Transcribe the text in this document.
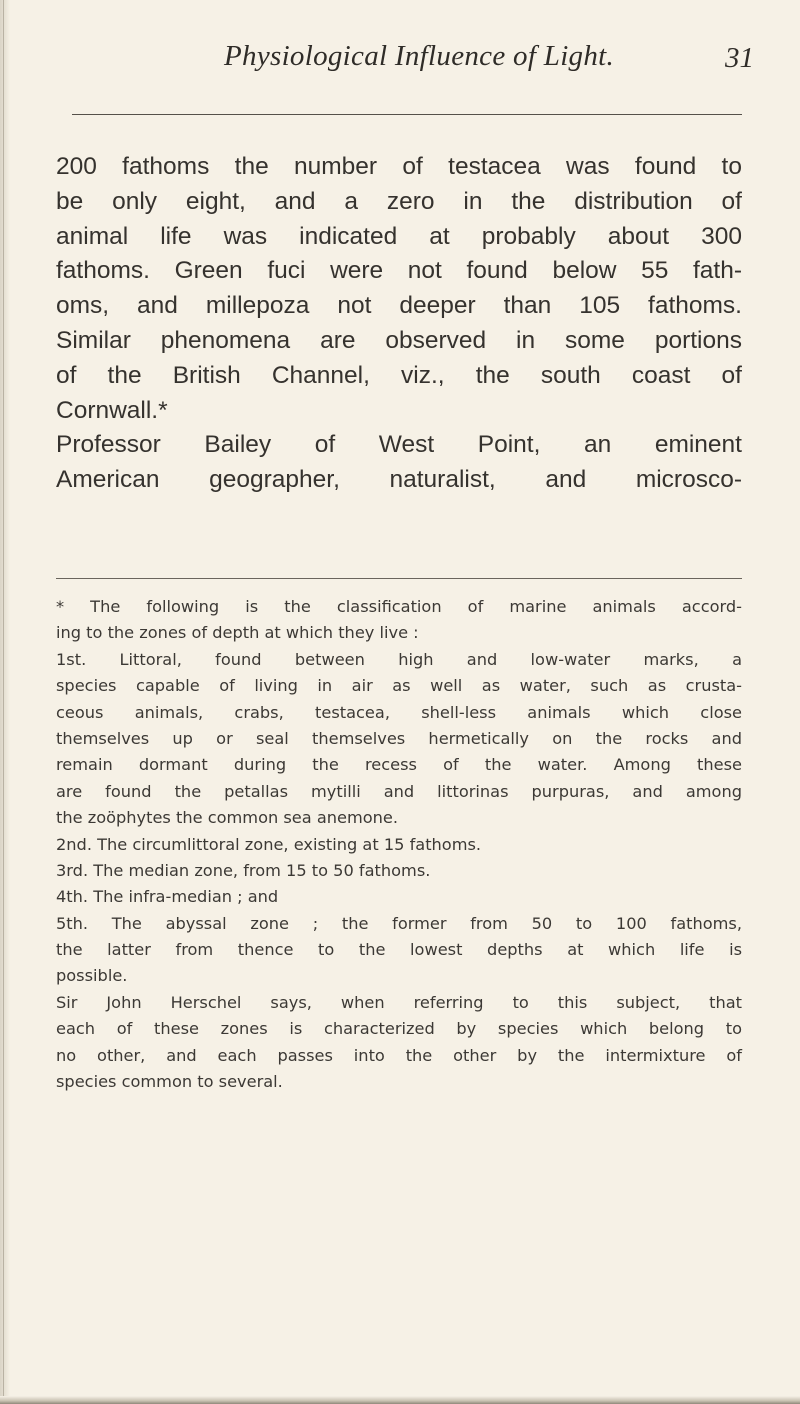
Physiological Influence of Light.	31
200 fathoms the number of testacea was found to
be only eight, and a zero in the distribution of
animal life was indicated at probably about 300
fathoms. Green fuci were not found below 55 fath-
oms, and millepoza not deeper than 105 fathoms.
Similar phenomena are observed in some portions
of the British Channel, viz., the south coast of
Cornwall.*
Professor Bailey of West Point, an eminent
American geographer, naturalist, and microsco-
* The following is the classification of marine animals accord-
ing to the zones of depth at which they live :
1st. Littoral, found between high and low-water marks, a
species capable of living in air as well as water, such as crusta-
ceous animals, crabs, testacea, shell-less animals which close
themselves up or seal themselves hermetically on the rocks and
remain dormant during the recess of the water. Among these
are found the petallas mytilli and littorinas purpuras, and among
the zoöphytes the common sea anemone.
2nd. The circumlittoral zone, existing at 15 fathoms.
3rd. The median zone, from 15 to 50 fathoms.
4th. The infra-median ; and
5th. The abyssal zone ; the former from 50 to 100 fathoms,
the latter from thence to the lowest depths at which life is
possible.
Sir John Herschel says, when referring to this subject, that
each of these zones is characterized by species which belong to
no other, and each passes into the other by the intermixture of
species common to several.
